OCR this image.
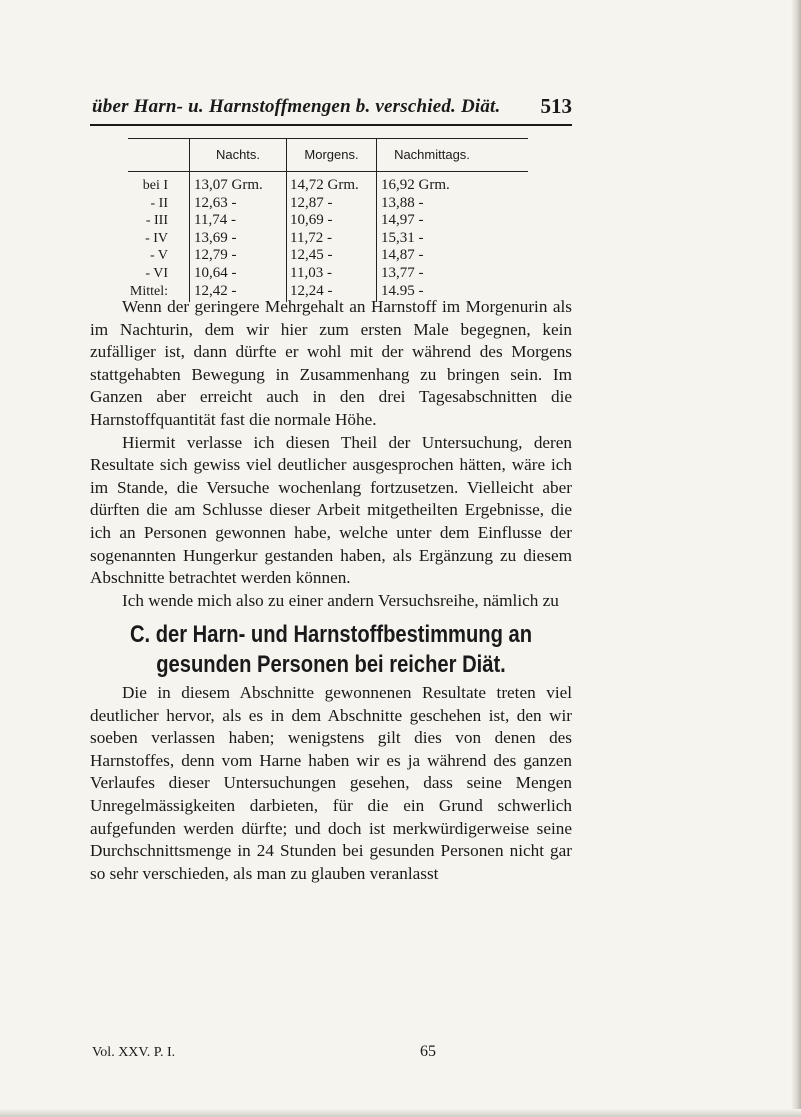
über Harn- u. Harnstoffmengen b. verschied. Diät. 513
Nachts.	Morgens.	Nachmittags.
bei I 13,07 Grm. 14,72 Grm. 16,92 Grm.
- II 12,63 -	12,87 -	13,88 -
- III 11,74 -	10,69 -	14,97 -
- IV 13,69 -	11,72 -	15,31 -
- V 12,79 -	12,45 -	14,87 -
- VI 10,64 -	11,03 -	13,77 -
Mittel: 12,42 -	12,24 -	14.95 -

Wenn der geringere Mehrgehalt an Harnstoff im Morgenurin als im Nachturin, dem wir hier zum ersten Male begegnen, kein zufälliger ist, dann dürfte er wohl mit der während des Morgens stattgehabten Bewegung in Zusammenhang zu bringen sein. Im Ganzen aber erreicht auch in den drei Tagesabschnitten die Harnstoffquantität fast die normale Höhe.

Hiermit verlasse ich diesen Theil der Untersuchung, deren Resultate sich gewiss viel deutlicher ausgesprochen hätten, wäre ich im Stande, die Versuche wochenlang fortzusetzen. Vielleicht aber dürften die am Schlusse dieser Arbeit mitgetheilten Ergebnisse, die ich an Personen gewonnen habe, welche unter dem Einflusse der sogenannten Hungerkur gestanden haben, als Ergänzung zu diesem Abschnitte betrachtet werden können.

Ich wende mich also zu einer andern Versuchsreihe, nämlich zu

C. der Harn- und Harnstoffbestimmung an gesunden Personen bei reicher Diät.

Die in diesem Abschnitte gewonnenen Resultate treten viel deutlicher hervor, als es in dem Abschnitte geschehen ist, den wir soeben verlassen haben; wenigstens gilt dies von denen des Harnstoffes, denn vom Harne haben wir es ja während des ganzen Verlaufes dieser Untersuchungen gesehen, dass seine Mengen Unregelmässigkeiten darbieten, für die ein Grund schwerlich aufgefunden werden dürfte; und doch ist merkwürdigerweise seine Durchschnittsmenge in 24 Stunden bei gesunden Personen nicht gar so sehr verschieden, als man zu glauben veranlasst

Vol. XXV. P. I.	65
